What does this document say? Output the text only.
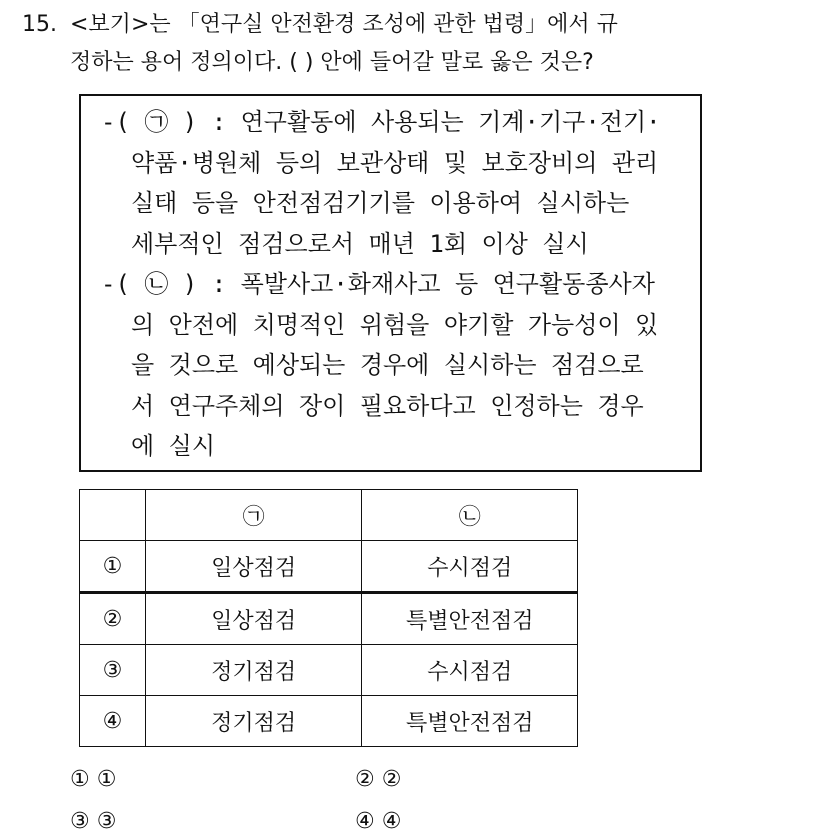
15. <보기>는 「연구실 안전환경 조성에 관한 법령」에서 규
정하는 용어 정의이다. ( ) 안에 들어갈 말로 옳은 것은?
-( ㉠ ) : 연구활동에 사용되는 기계·기구·전기·
약품·병원체 등의 보관상태 및 보호장비의 관리
실태 등을 안전점검기기를 이용하여 실시하는
세부적인 점검으로서 매년 1회 이상 실시
-( ㉡ ) : 폭발사고·화재사고 등 연구활동종사자
의 안전에 치명적인 위험을 야기할 가능성이 있
을 것으로 예상되는 경우에 실시하는 점검으로
서 연구주체의 장이 필요하다고 인정하는 경우
에 실시
	㉠	㉡
①	일상점검	수시점검
②	일상점검	특별안전점검
③	정기점검	수시점검
④	정기점검	특별안전점검
① ①	② ②
③ ③	④ ④
